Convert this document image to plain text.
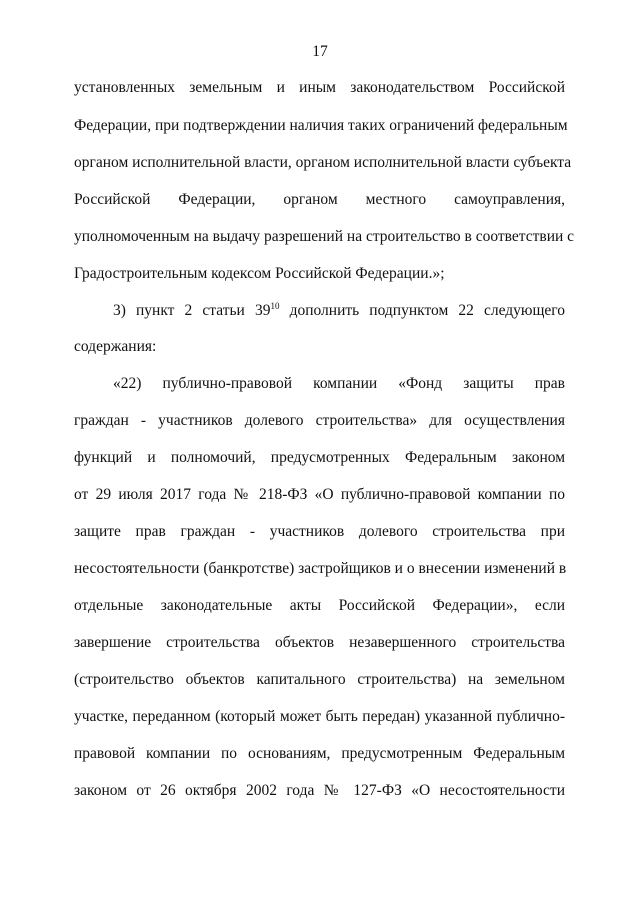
17
установленных земельным и иным законодательством Российской
Федерации, при подтверждении наличия таких ограничений федеральным
органом исполнительной власти, органом исполнительной власти субъекта
Российской Федерации, органом местного самоуправления,
уполномоченным на выдачу разрешений на строительство в соответствии с
Градостроительным кодексом Российской Федерации.»;
3) пункт 2 статьи $39^{10}$ дополнить подпунктом 22 следующего
содержания:
«22) публично-правовой компании «Фонд защиты прав
граждан - участников долевого строительства» для осуществления
функций и полномочий, предусмотренных Федеральным законом
от 29 июля 2017 года № 218-ФЗ «О публично-правовой компании по
защите прав граждан - участников долевого строительства при
несостоятельности (банкротстве) застройщиков и о внесении изменений в
отдельные законодательные акты Российской Федерации», если
завершение строительства объектов незавершенного строительства
(строительство объектов капитального строительства) на земельном
участке, переданном (который может быть передан) указанной публично-
правовой компании по основаниям, предусмотренным Федеральным
законом от 26 октября 2002 года № 127-ФЗ «О несостоятельности
